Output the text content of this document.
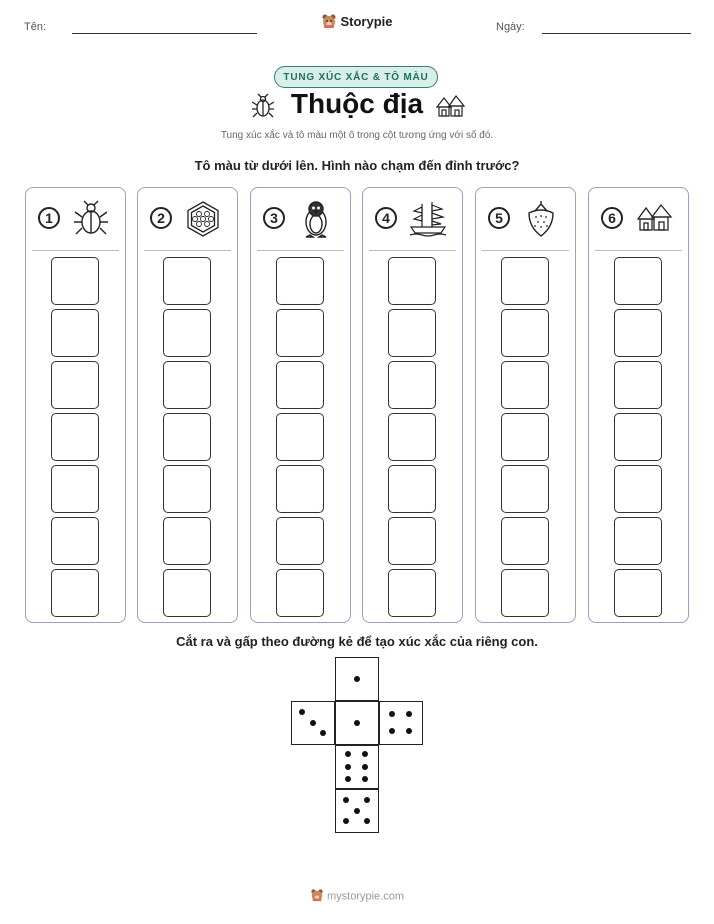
Tên:	Storypie	Ngày:
TUNG XÚC XẮC & TÔ MÀU
Thuộc địa
Tung xúc xắc và tô màu một ô trong cột tương ứng với số đó.
Tô màu từ dưới lên. Hình nào chạm đến đỉnh trước?
1	2	3	4	5	6
Cắt ra và gấp theo đường kẻ để tạo xúc xắc của riêng con.
mystorypie.com
